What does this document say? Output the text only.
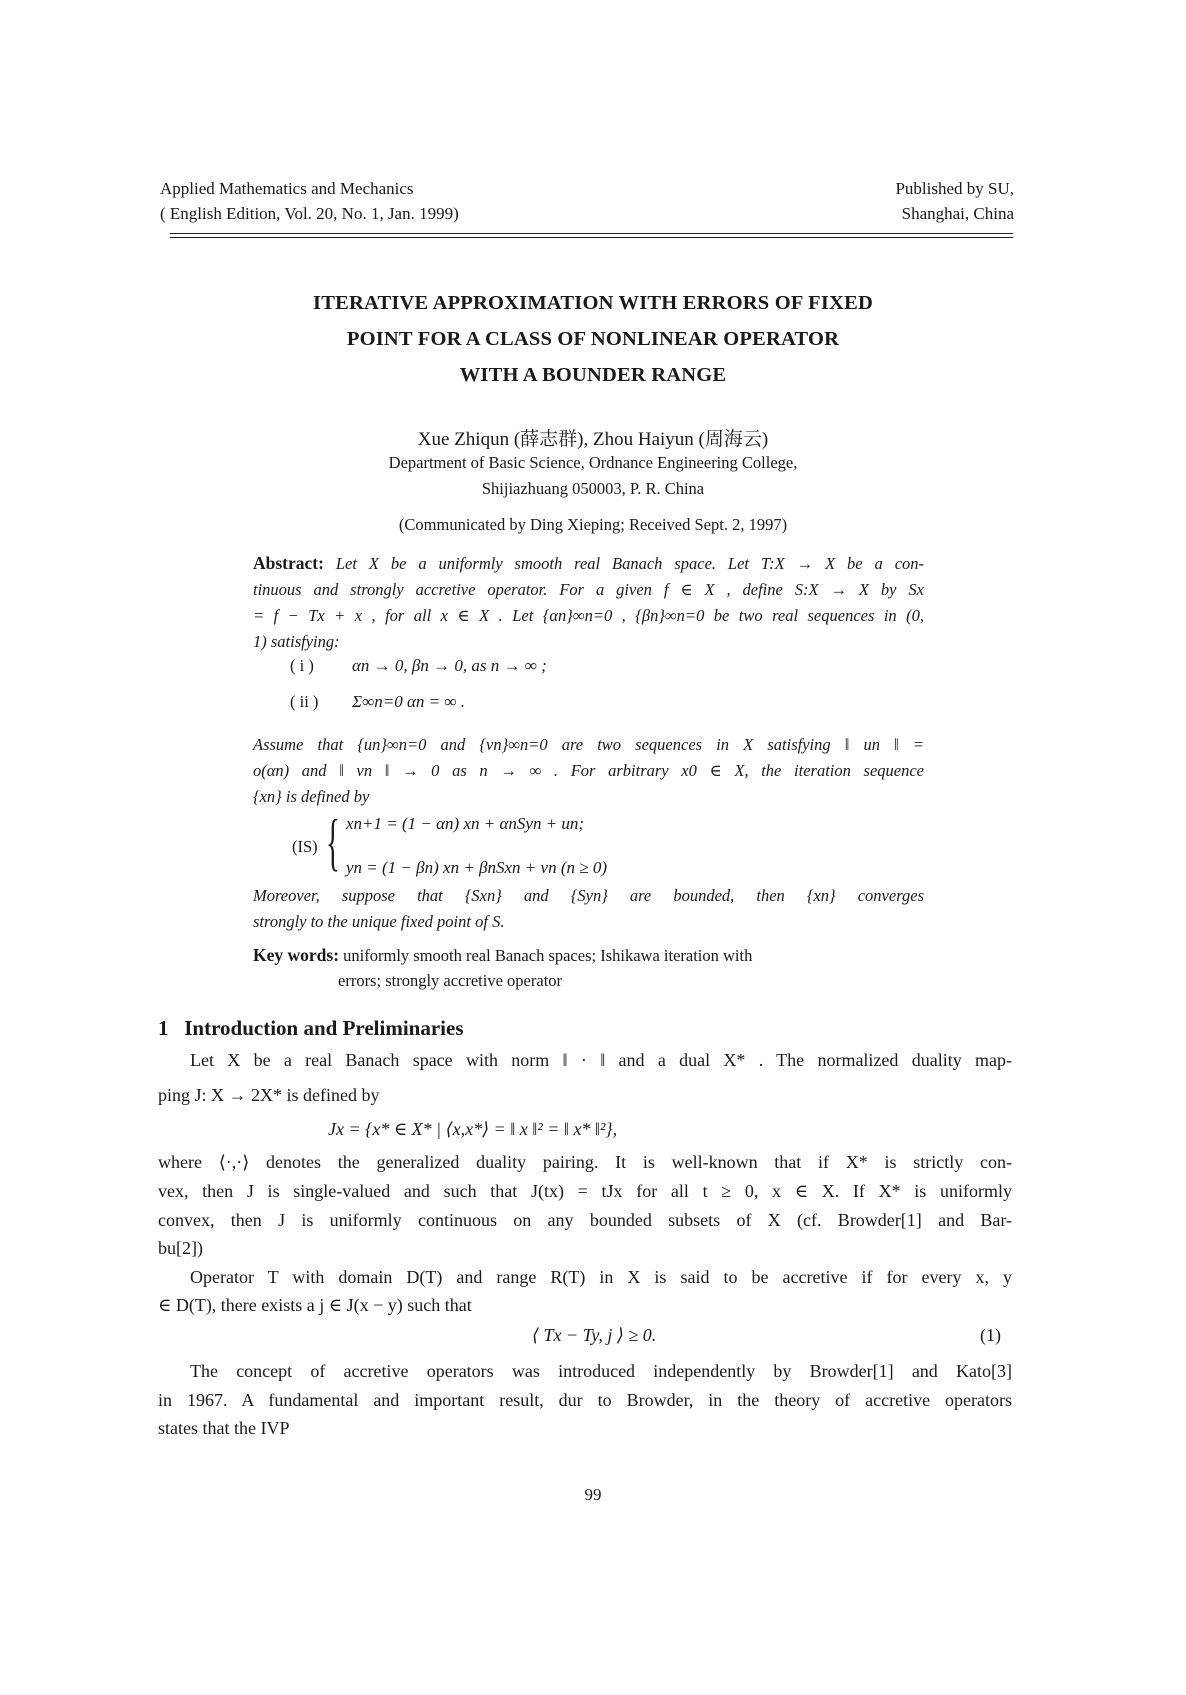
Applied Mathematics and Mechanics
( English Edition, Vol. 20, No. 1, Jan. 1999)
Published by SU,
Shanghai, China
ITERATIVE APPROXIMATION WITH ERRORS OF FIXED
POINT FOR A CLASS OF NONLINEAR OPERATOR
WITH A BOUNDER RANGE
Xue Zhiqun (薛志群), Zhou Haiyun (周海云)
Department of Basic Science, Ordnance Engineering College,
Shijiazhuang 050003, P. R. China
(Communicated by Ding Xieping; Received Sept. 2, 1997)
Abstract: Let X be a uniformly smooth real Banach space. Let T:X → X be a con-
tinuous and strongly accretive operator. For a given f ∈ X , define S:X → X by Sx
= f − Tx + x , for all x ∈ X . Let {αn}∞n=0 , {βn}∞n=0 be two real sequences in (0,
1) satisfying:
( i ) αn → 0, βn → 0, as n → ∞ ;
( ii ) Σ∞n=0 αn = ∞ .
Assume that {un}∞n=0 and {vn}∞n=0 are two sequences in X satisfying ‖ un ‖ =
o(αn) and ‖ vn ‖ → 0 as n → ∞ . For arbitrary x0 ∈ X, the iteration sequence
{xn} is defined by
(IS) { xn+1 = (1 − αn) xn + αnSyn + un;
yn = (1 − βn) xn + βnSxn + vn (n ≥ 0)
Moreover, suppose that {Sxn} and {Syn} are bounded, then {xn} converges
strongly to the unique fixed point of S.
Key words: uniformly smooth real Banach spaces; Ishikawa iteration with
errors; strongly accretive operator
1   Introduction and Preliminaries
Let X be a real Banach space with norm ‖ · ‖ and a dual X* . The normalized duality map-
ping J: X → 2X* is defined by
Jx = {x* ∈ X* | ⟨x,x*⟩ = ‖ x ‖² = ‖ x* ‖²},
where ⟨·,·⟩ denotes the generalized duality pairing. It is well-known that if X* is strictly con-
vex, then J is single-valued and such that J(tx) = tJx for all t ≥ 0, x ∈ X. If X* is uniformly
convex, then J is uniformly continuous on any bounded subsets of X (cf. Browder[1] and Bar-
bu[2])
Operator T with domain D(T) and range R(T) in X is said to be accretive if for every x, y
∈ D(T), there exists a j ∈ J(x − y) such that
⟨ Tx − Ty, j ⟩ ≥ 0.	(1)
The concept of accretive operators was introduced independently by Browder[1] and Kato[3]
in 1967. A fundamental and important result, dur to Browder, in the theory of accretive operators
states that the IVP
99
